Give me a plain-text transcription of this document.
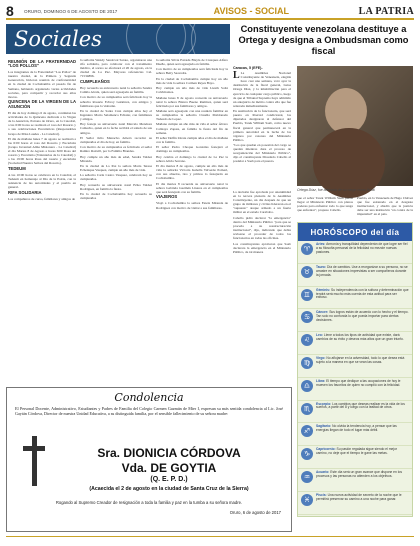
8	ORURO, DOMINGO 6 DE AGOSTO DE 2017	AVISOS - SOCIAL	LA PATRIA
Sociales
REUNIÓN DE LA FRATERNIDAD "LOS POLLOS"

Los integrantes de la Fraternidad "Los Pollos" de nuestra ciudad, de la Primera y Segunda Generación, hicieron reunión de confraternidad en la ciudad de Cochabamba el pasado fin de Semana, habiendo organizado varias actividades sociales, para compartir y recordar sus años mozos.

QUINCENA DE LA VIRGEN DE LA ASUNCIÓN

El día de hoy domingo 6 de agosto, continúan las actividades de la Quincena dedicada a la Virgen de la Asunción, Patrona de Oruro, en la Catedral, a las 6:00 horas se realizará el rosa del Rosario y a sus celebraciones Eucarísticas (Responsables Grupo de Misa Laudes - La Catedral).

El día de mañana lunes 7 de agosto se realizará a las 6:00 horas el rosa del Rosario y Eucaristía (Grupo Juventud Alma Misionera - La Catedral) el día Martes 8 de Agosto a horas 6:00 Rosa del rosario y Eucaristía (Voluntarias de la Catedral) y a las 19:00 horas Rosa del rosario y eucaristía (Sociedad Nuestra Señora del Rosario).

TEDEUM

A las 10:00 horas se celebrara en la Catedral, el Tedeum en homenaje al Día de la Patria, con la asistencia de las autoridades y el pueblo en general.

RIFA SOLIDARIA

Los compañeros de curso, familiares y amigos de

la señorita Wendy Sandoval Sarate, organizaron una rifa solidaria, para colaborar con el tratamiento médico, el sorteo se efectuará el 26 de agosto, en la ciudad de La Paz. Mayores referencias Cel. 71534896.

CUMPLEAÑOS

Hoy recuerda su aniversario natal la señorita Sandra Camila Alcala, quien será agasajada en familia.

Con motivo de su cumpleaños será felicitado hoy la señorita Rosario Ecbroy Gutiérrez, con amigos y familiares que la visitarán.

En la ciudad de Santa Cruz cumple años hoy el Ingeniero Mario Salamanca Echalar, con familiares y amigos.

Hoy festeja su aniversario natal Marcelo Mendoza Camacho, quien en la fecha recibirá el saludo de sus amigos.

El Señor Julio Menacho deberá recordar su cumpleaños el día de hoy, en familia.

Con motivo de su cumpleaños es felicitado el señor Ramiro Ranvill, por la Familia Brandes.

Hoy cumple un año más de edad, Sandra Valdez Miranda.

En la ciudad de La Paz la señora María Teresa Echenique Vasquez, cumple un año más de vida.

La señorita Carla Castro Vasquez, celebrará hoy su cumpleaños.

Hoy recuerda su aniversario natal Erika Valdez Rodríguez, en familia la fiesta.

En la ciudad de Cochabamba hoy recuerda su cumpleaños

la señorita Silvia Estrada Bleyla de Crusques Alfaro Dueño, quien será agasajada en familia.

Con motivo de su cumpleaños será felicitada hoy la señora Betty Saavedra.

En la ciudad de Cochabamba cumple hoy un año más de vida la señora Carmen Reyes Bayo.

Hoy cumple un año más de vida Lizeth Soliz Calvimontes.

Mañana lunes 8 de agosto recuerda su aniversario natal la señora Blanca Bueno Ramírez, quien será felicitada por sus familiares y amigos.

Mañana será agasajado con una reunión familiar en su cumpleaños la señorita Claudia Maldonado Tadeado de Lopez.

Mañana cumple un año más de vida el señor Álvaro Calizaya Zapata, en familia la fiesta del fin de semana.

El señor Delfín Zárate cumple años el día de mañana con la familia.

El señor Pedro Choque Gonzáles festejará el domingo su cumpleaños.

Hoy celebra el domingo la ciudad de La Paz la señora Alicia Serrano.

El día martes 8 de agosto, cumple un año más de vida la señorita Victoria Isabella Valverde Pomari, con sus abuelos, tíos y primos lo festejarán en Cochabamba.

El día martes 8 recuerda su aniversario natal la señora Gabriela Guzmán Linares en el cumpleaños que será festejado con su familia.

VIAJEROS

Viajó a Cochabamba la señora Estela Miranda de Rodríguez con motivo de visitar a sus familiares.

Constituyente venezolana destituye a Ortega y designa a Ombudsman como fiscal
Caracas, 5 (EFE)-

L La Asamblea Nacional Constituyente de Venezuela, elegida hace casi una semana, votó ayer la destitución de la fiscal general, Luisa Ortega Díaz, y la inhabilitación para el ejercicio de cualquier cargo público, luego de que el Tribunal Supremo haya admitido un antejuicio de mérito contra ella que fue reiterada inmediatamente.

En sustitución de la funcionaria, que será puesta en libertad condicional, los diputados designaron al defensor del Pueblo, Tarek William Saab, como nuevo fiscal general que permanecerá en la primera autoridad en la lucha de los órganos por razones del Ministerio Público.

"Los que quedan en posesión del cargo se quedan mientras dure el proceso de reorganización del Ministerio Público", dijo el constituyente Diosdado Cabello al postular a Saab para el puesto.

Ortega Díaz, fue afectada de su cargo como fiscal

que el señor Tarek William Saab pueda llegar al Ministerio Público con plenos poderes para enfrentar todo lo que tenga que enfrentar", propuso Cabello.

Pueblo, en la Venezuela de Hugo Chávez que fue estrenado en el desgaste institucional, y añadió que la justicia debe ser una institución "en contra de la impunidad" en el país.

La decisión fue aprobada por unanimidad en la tercera plenaria de la Asamblea Constituyente, un día después de que un grupo de militares y civiles lideraran en el "supuesto" ataque armado a un fuerte militar en el estado Carabobo.

Cabello pidió declarar "la emergencia" dentro del Ministerio Público "para que se proceda a su reestructuración institucional", dijo, indicando que debía revisarse el proceder de todos los funcionarios en todas las oficinas.

Los constituyentes aprobaron que Saab declarara la emergencia en el Ministerio Público, de tal manera

HORÓSCOPO del día
♈
Aries: Armonía y tranquilidad dependerán de que logre ser fiel a su filosofía personal de la felicidad no mezcle nuevas pasiones.
♉
Tauro: Día de cambios. Use a reorganizar a su persona, no se arrastre en situaciones imprevistas a ser compañeros durante la jornada.
♊
Géminis: Su independencia con la soltura y determinación que tendrá será mucho más cuenta de esta actitud para ser exitoso.
♋
Cáncer: Sus logros están de acuerdo con lo hecho y el tiempo. Tan solo no confunda lo que pueda importar para ciertas decisiones.
♌
Leo: Llene a todos los tipos de actividad que existe, dará cambios de su éxito y deseos más altos que un gran triunfo.
♍
Virgo: No aflojarse en la adversidad, todo lo que desea está sujeto a la manera en que se vean las cosas.
♎
Libra: El tiempo que dedique a las ocupaciones de hoy le mueven los favoritos de quien no cumplió con la felicidad.
♏
Escorpio: Los cambios que deseas realizar es la vida de los sueños, a partir del 8 y luego con la lealtad de otros.
♐
Sagitario: No olvida la tendencia hoy, a pensar que las energías llegan de todo el lugar más débil.
♑
Capricornio: Su pasión regalada sigue siendo el mejor camino, no deje que el tiempo le gane las metas.
♒
Acuario: Este día será un gran avance que dispone en los procesos y las personas no atienden a los objetivos.
♓
Piscis: Una nueva actividad de secreto de la noche que le permitirá preservar su camino a una noche para ganar.
Condolencia
El Personal Docente, Administrativo, Estudiantes y Padres de Familia del Colegio Carmen Guzmán de Mier I, expresan su más sentida condolencia al Lic. José Gaytán Córdova, Director de nuestra Unidad Educativa, a su distinguida familia, por el sensible fallecimiento de su señora madre:
Sra. DIONICIA CÓRDOVA
Vda. DE GOYTIA
(Q. E. P. D.)
(Acaecida el 2 de agosto en la ciudad de Santa Cruz de la Sierra)
Rogando al Supremo Creador de resignación a toda la familia y paz en la tumba a su señora madre.
Oruro, 6 de agosto de 2017
